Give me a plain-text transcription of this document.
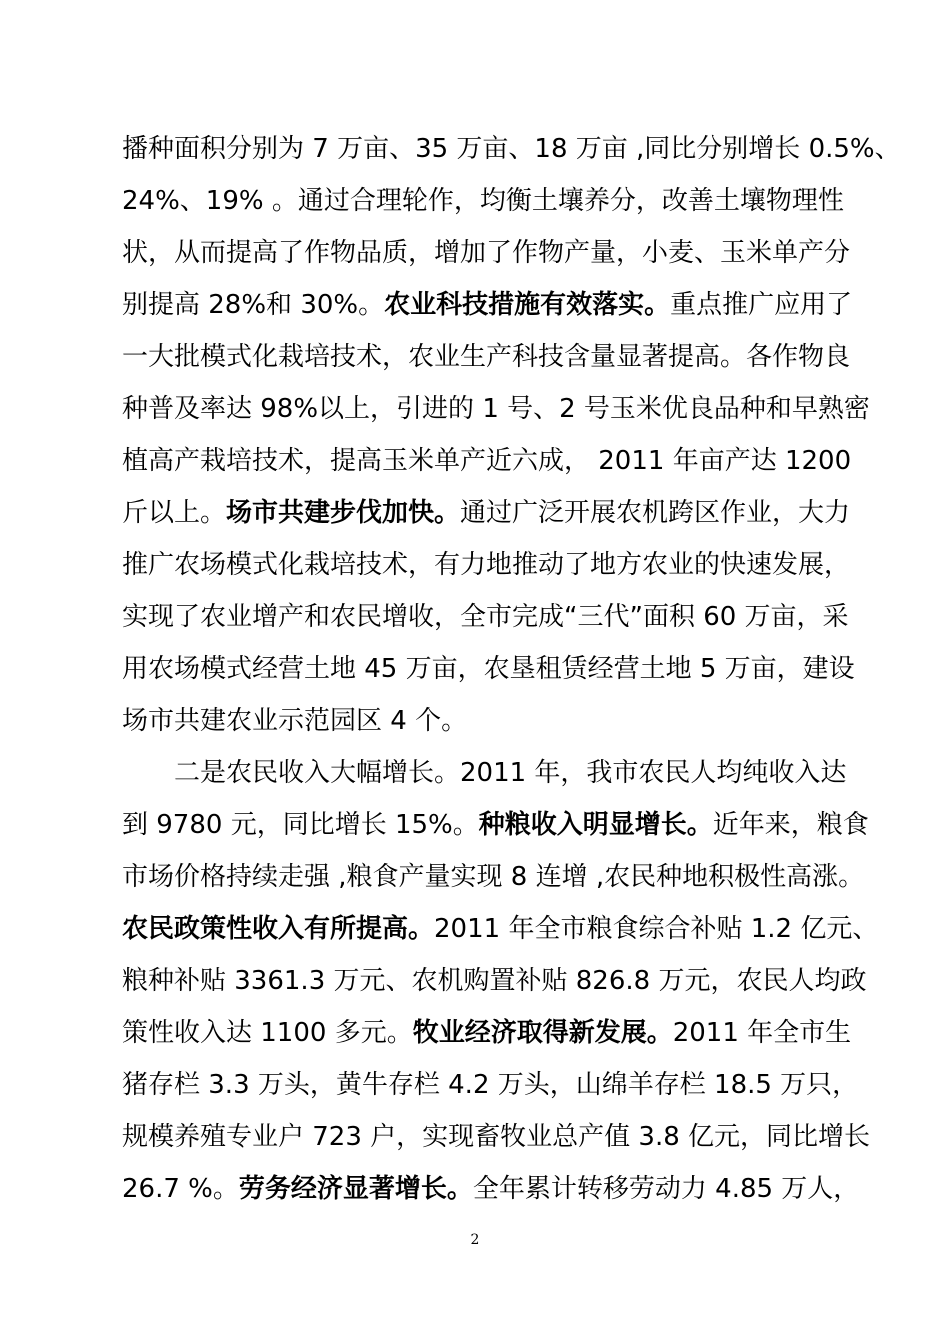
播种面积分别为 7 万亩、35 万亩、18 万亩 ,同比分别增长 0.5%、
24%、19% 。通过合理轮作，均衡土壤养分，改善土壤物理性
状，从而提高了作物品质，增加了作物产量，小麦、玉米单产分
别提高 28%和 30%。农业科技措施有效落实。重点推广应用了
一大批模式化栽培技术，农业生产科技含量显著提高。各作物良
种普及率达 98%以上，引进的 1 号、2 号玉米优良品种和早熟密
植高产栽培技术，提高玉米单产近六成， 2011 年亩产达 1200
斤以上。场市共建步伐加快。通过广泛开展农机跨区作业，大力
推广农场模式化栽培技术，有力地推动了地方农业的快速发展，
实现了农业增产和农民增收，全市完成“三代”面积 60 万亩，采
用农场模式经营土地 45 万亩，农垦租赁经营土地 5 万亩，建设
场市共建农业示范园区 4 个。
二是农民收入大幅增长。2011 年，我市农民人均纯收入达
到 9780 元，同比增长 15%。种粮收入明显增长。近年来，粮食
市场价格持续走强 ,粮食产量实现 8 连增 ,农民种地积极性高涨。
农民政策性收入有所提高。2011 年全市粮食综合补贴 1.2 亿元、
粮种补贴 3361.3 万元、农机购置补贴 826.8 万元，农民人均政
策性收入达 1100 多元。牧业经济取得新发展。2011 年全市生
猪存栏 3.3 万头，黄牛存栏 4.2 万头，山绵羊存栏 18.5 万只，
规模养殖专业户 723 户，实现畜牧业总产值 3.8 亿元，同比增长
26.7 %。劳务经济显著增长。全年累计转移劳动力 4.85 万人，
2
